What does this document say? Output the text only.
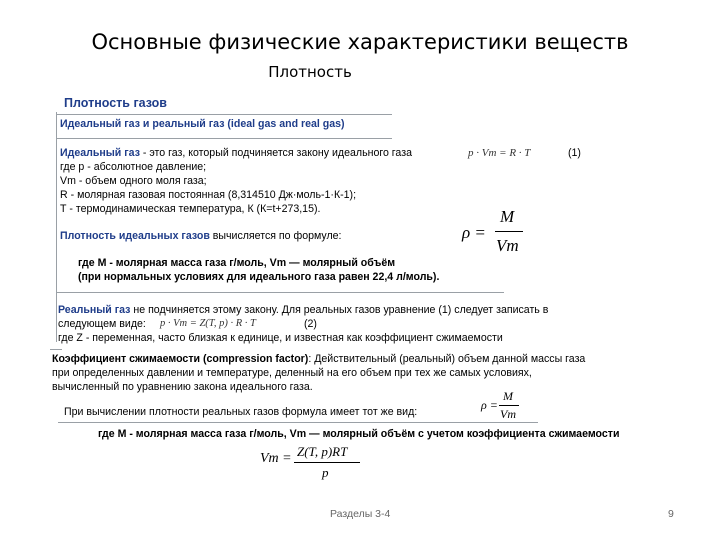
Основные физические характеристики веществ
Плотность
Плотность газов
Идеальный газ и реальный газ (ideal gas and real gas)
Идеальный газ - это газ, который подчиняется закону идеального газа	p · Vm = R · T	(1)
где р - абсолютное давление;
Vm - объем одного моля газа;
R - молярная газовая постоянная (8,314510 Дж·моль-1·К-1);
Т - термодинамическая температура, К (К=t+273,15).
Плотность идеальных газов вычисляется по формуле:	ρ =
M
Vm
где М - молярная масса газа г/моль, Vm — молярный объём
(при нормальных условиях для идеального газа равен 22,4 л/моль).
Реальный газ не подчиняется этому закону. Для реальных газов уравнение (1) следует записать в
следующем виде: p · Vm = Z(T, p) · R · T	(2)
где Z - переменная, часто близкая к единице, и известная как коэффициент сжимаемости
Коэффициент сжимаемости (compression factor): Действительный (реальный) объем данной массы газа
при определенных давлении и температуре, деленный на его объем при тех же самых условиях,
вычисленный по уравнению закона идеального газа.
При вычислении плотности реальных газов формула имеет тот же вид:	ρ =
M
Vm
где М - молярная масса газа г/моль, Vm — молярный объём с учетом коэффициента сжимаемости
Vm = Z(T, p)RT
p
Разделы 3-4	9
